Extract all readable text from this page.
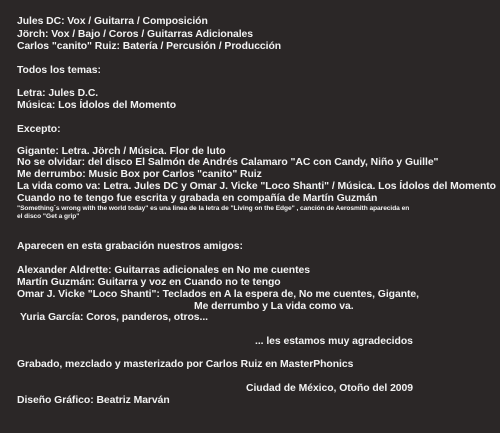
Jules DC: Vox / Guitarra / Composición
Jörch: Vox / Bajo / Coros / Guitarras Adicionales
Carlos "canito" Ruiz: Batería / Percusión / Producción
Todos los temas:
Letra: Jules D.C.
Música: Los Ídolos del Momento
Excepto:
Gigante: Letra. Jörch / Música. Flor de luto
No se olvidar: del disco El Salmón de Andrés Calamaro "AC con Candy, Niño y Guille"
Me derrumbo: Music Box por Carlos "canito" Ruiz
La vida como va: Letra. Jules DC y Omar J. Vicke "Loco Shanti" / Música. Los Ídolos del Momento
Cuando no te tengo fue escrita y grabada en compañía de Martín Guzmán
"Something´s wrong with the world today" es una linea de la letra de "Living on the Edge" , canción de Aerosmith aparecida en
el disco "Get a grip"
Aparecen en esta grabación nuestros amigos:
Alexander Aldrette: Guitarras adicionales en No me cuentes
Martín Guzmán: Guitarra y voz en Cuando no te tengo
Omar J. Vicke "Loco Shanti": Teclados en A la espera de, No me cuentes, Gigante,
Me derrumbo y La vida como va.
Yuria García: Coros, panderos, otros...
... les estamos muy agradecidos
Grabado, mezclado y masterizado por Carlos Ruiz en MasterPhonics
Ciudad de México, Otoño del 2009
Diseño Gráfico: Beatriz Marván
